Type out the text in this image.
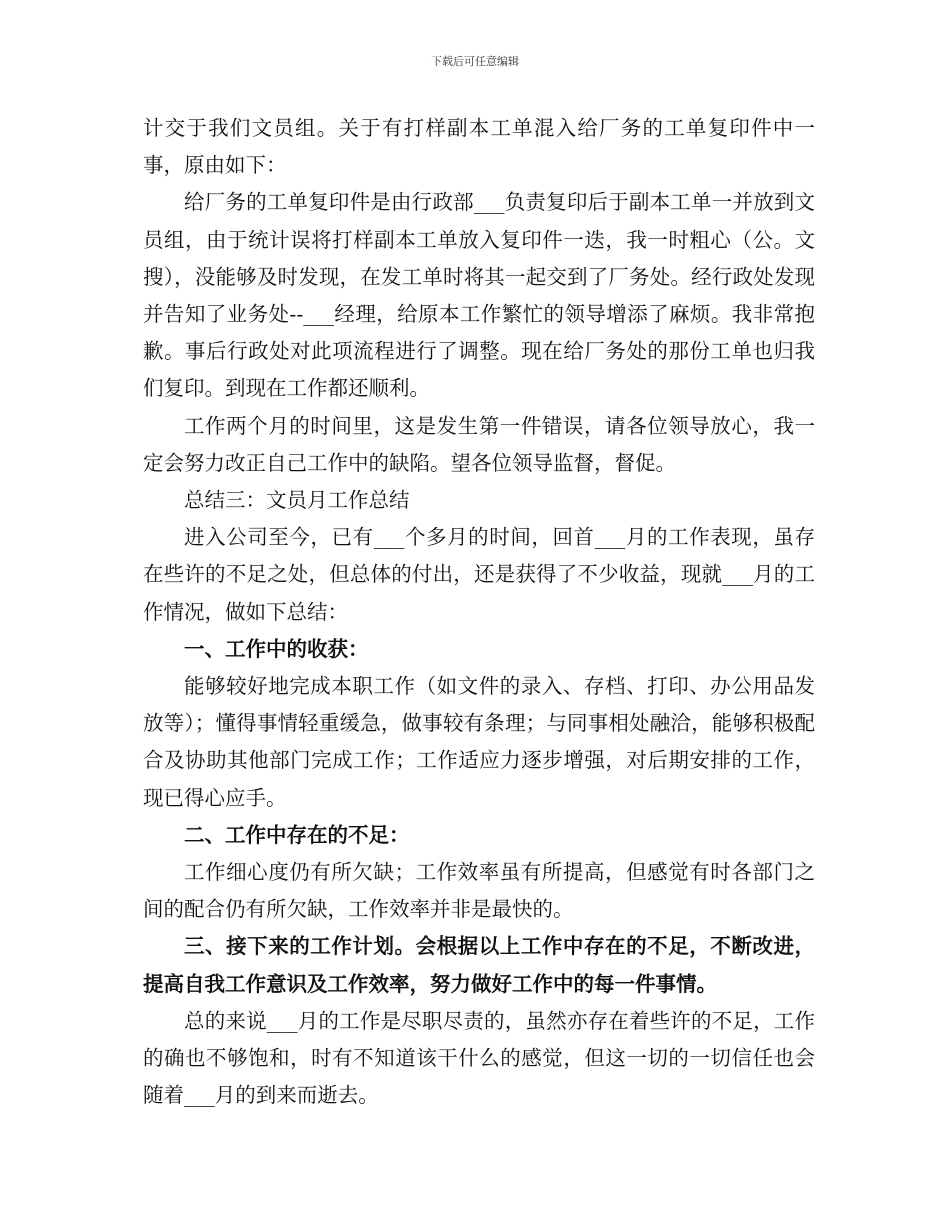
下载后可任意编辑

计交于我们文员组。关于有打样副本工单混入给厂务的工单复印件中一事，原由如下：

给厂务的工单复印件是由行政部___负责复印后于副本工单一并放到文员组，由于统计误将打样副本工单放入复印件一迭，我一时粗心（公。文搜），没能够及时发现，在发工单时将其一起交到了厂务处。经行政处发现并告知了业务处--___经理，给原本工作繁忙的领导增添了麻烦。我非常抱歉。事后行政处对此项流程进行了调整。现在给厂务处的那份工单也归我们复印。到现在工作都还顺利。

工作两个月的时间里，这是发生第一件错误，请各位领导放心，我一定会努力改正自己工作中的缺陷。望各位领导监督，督促。

总结三：文员月工作总结

进入公司至今，已有___个多月的时间，回首___月的工作表现，虽存在些许的不足之处，但总体的付出，还是获得了不少收益，现就___月的工作情况，做如下总结：

一、工作中的收获：

能够较好地完成本职工作（如文件的录入、存档、打印、办公用品发放等）；懂得事情轻重缓急，做事较有条理；与同事相处融洽，能够积极配合及协助其他部门完成工作；工作适应力逐步增强，对后期安排的工作，现已得心应手。

二、工作中存在的不足：

工作细心度仍有所欠缺；工作效率虽有所提高，但感觉有时各部门之间的配合仍有所欠缺，工作效率并非是最快的。

三、接下来的工作计划。会根据以上工作中存在的不足，不断改进，提高自我工作意识及工作效率，努力做好工作中的每一件事情。

总的来说___月的工作是尽职尽责的，虽然亦存在着些许的不足，工作的确也不够饱和，时有不知道该干什么的感觉，但这一切的一切信任也会随着___月的到来而逝去。
